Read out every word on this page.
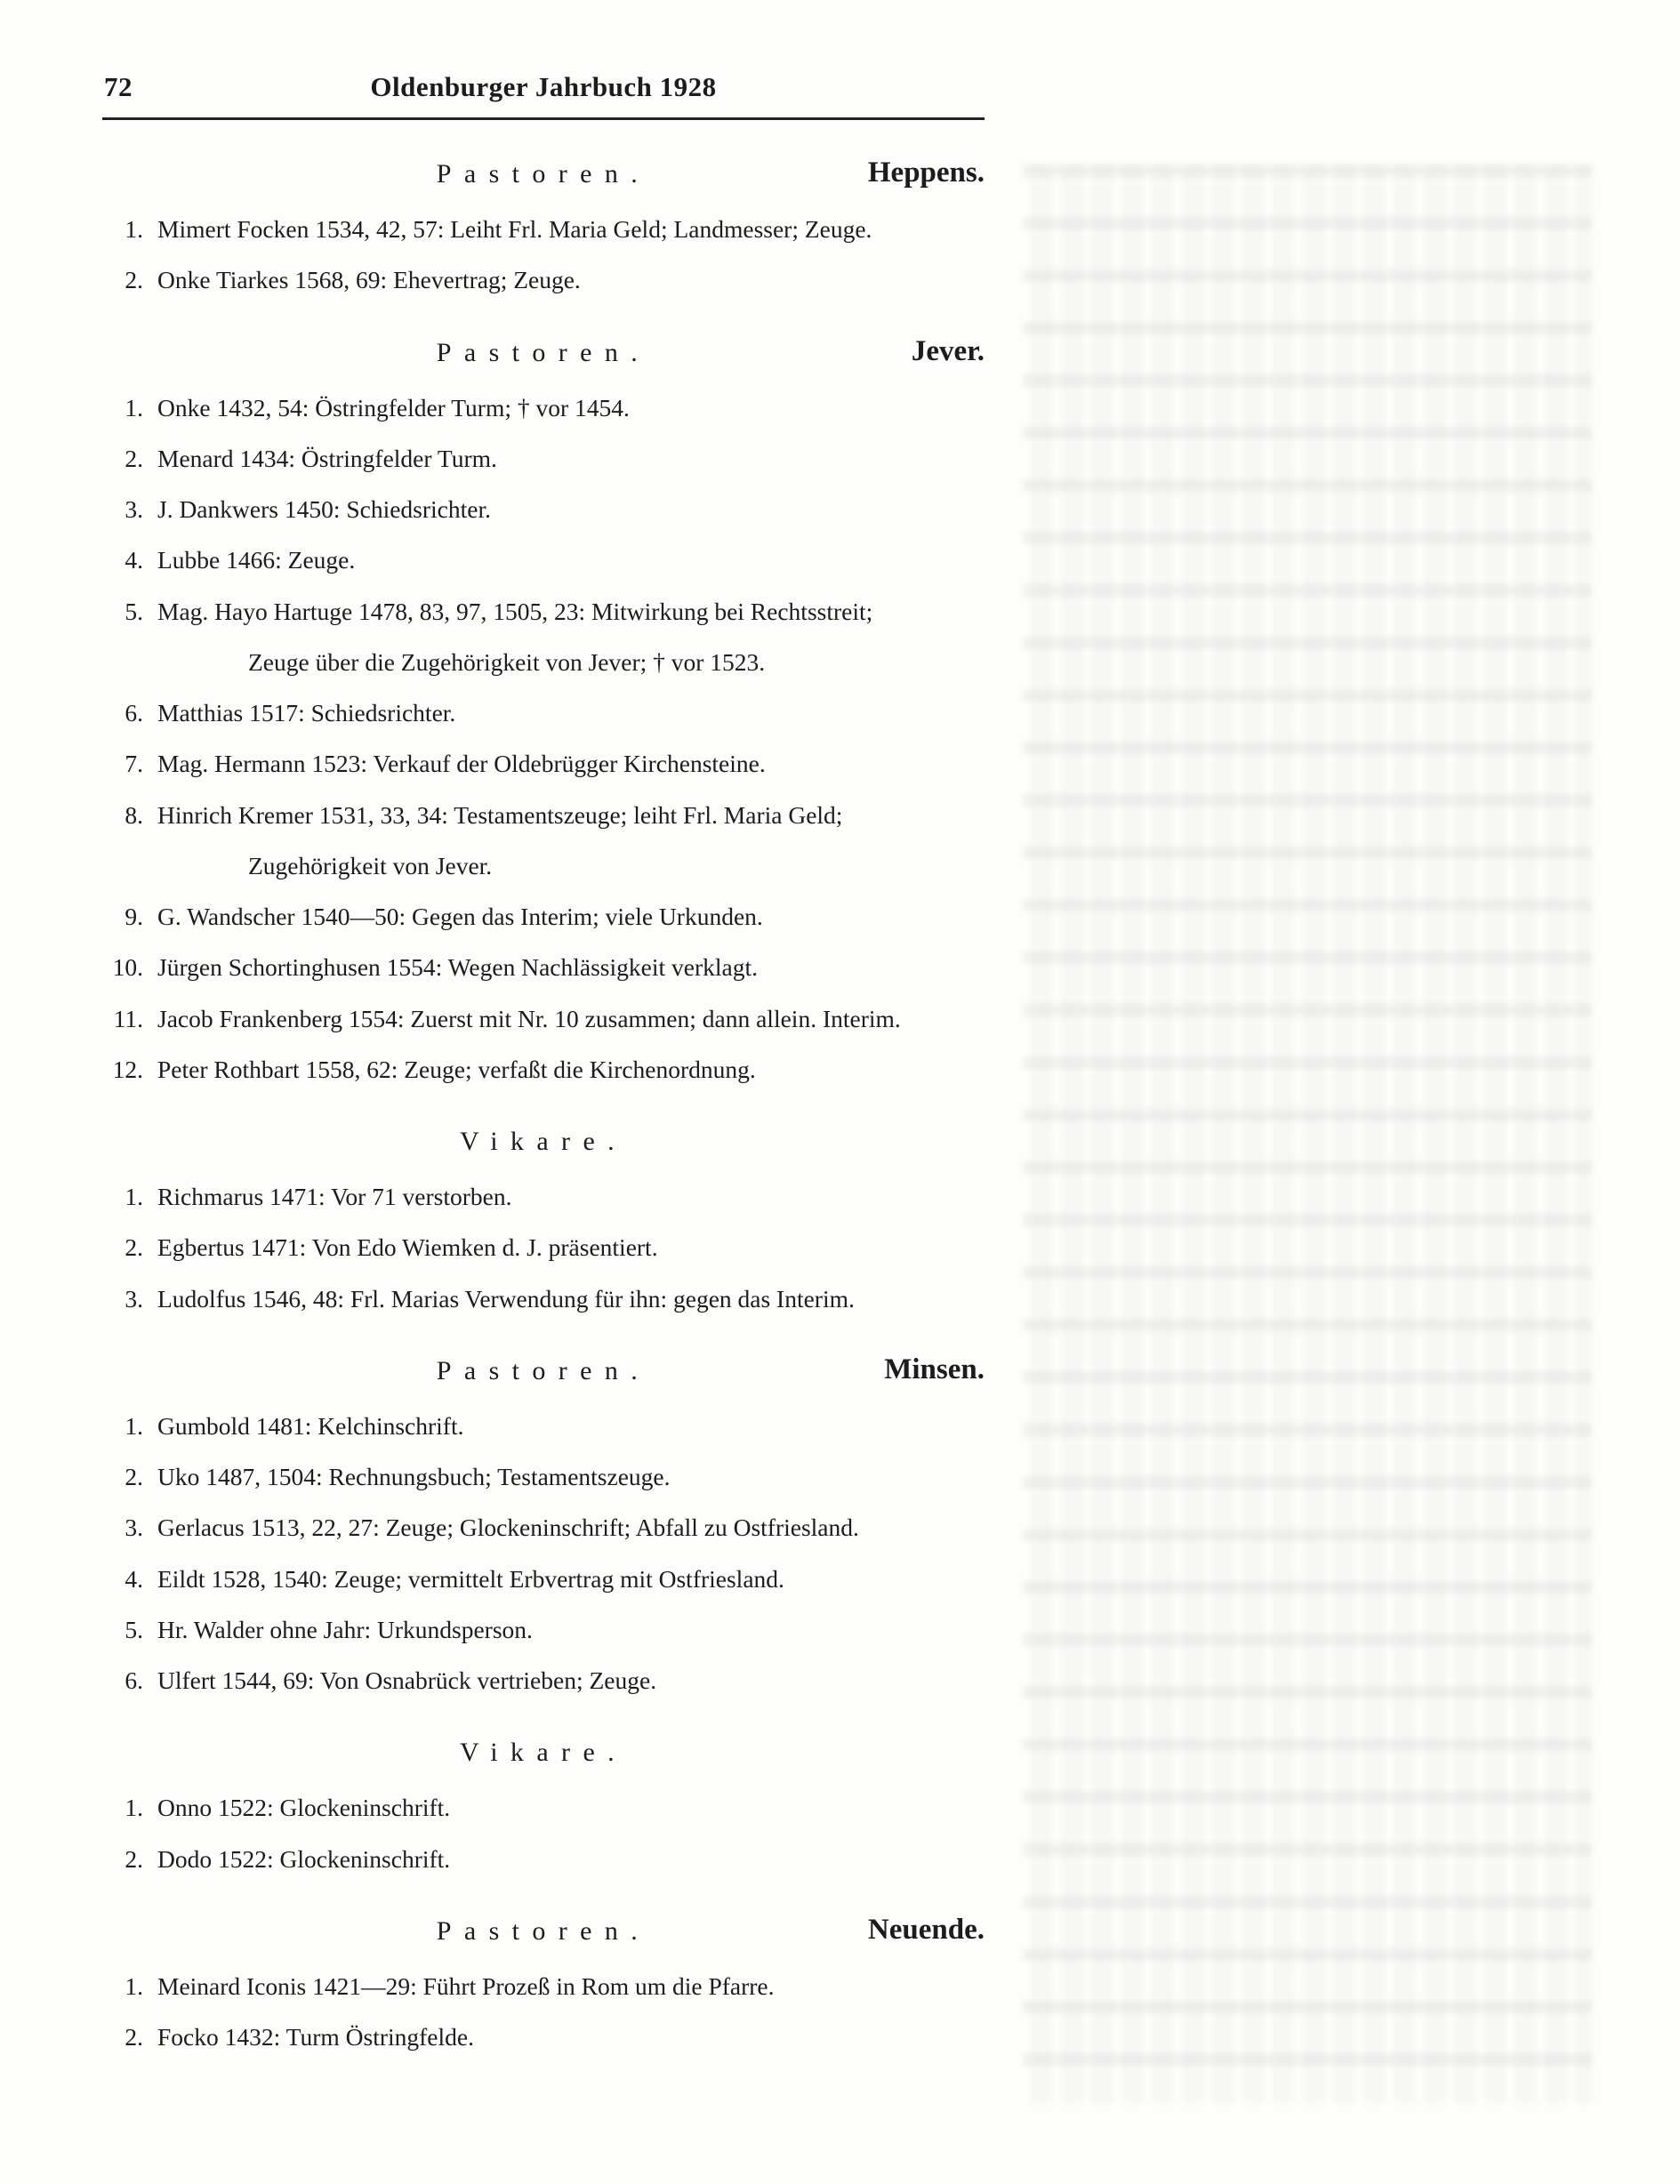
72	Oldenburger Jahrbuch 1928
Pastoren.	Heppens.
1. Mimert Focken 1534, 42, 57: Leiht Frl. Maria Geld; Landmesser; Zeuge.
2. Onke Tiarkes 1568, 69: Ehevertrag; Zeuge.
Pastoren.	Jever.
1. Onke 1432, 54: Östringfelder Turm; † vor 1454.
2. Menard 1434: Östringfelder Turm.
3. J. Dankwers 1450: Schiedsrichter.
4. Lubbe 1466: Zeuge.
5. Mag. Hayo Hartuge 1478, 83, 97, 1505, 23: Mitwirkung bei Rechtsstreit;
Zeuge über die Zugehörigkeit von Jever; † vor 1523.
6. Matthias 1517: Schiedsrichter.
7. Mag. Hermann 1523: Verkauf der Oldebrügger Kirchensteine.
8. Hinrich Kremer 1531, 33, 34: Testamentszeuge; leiht Frl. Maria Geld;
Zugehörigkeit von Jever.
9. G. Wandscher 1540—50: Gegen das Interim; viele Urkunden.
10. Jürgen Schortinghusen 1554: Wegen Nachlässigkeit verklagt.
11. Jacob Frankenberg 1554: Zuerst mit Nr. 10 zusammen; dann allein. Interim.
12. Peter Rothbart 1558, 62: Zeuge; verfaßt die Kirchenordnung.
Vikare.
1. Richmarus 1471: Vor 71 verstorben.
2. Egbertus 1471: Von Edo Wiemken d. J. präsentiert.
3. Ludolfus 1546, 48: Frl. Marias Verwendung für ihn: gegen das Interim.
Pastoren.	Minsen.
1. Gumbold 1481: Kelchinschrift.
2. Uko 1487, 1504: Rechnungsbuch; Testamentszeuge.
3. Gerlacus 1513, 22, 27: Zeuge; Glockeninschrift; Abfall zu Ostfriesland.
4. Eildt 1528, 1540: Zeuge; vermittelt Erbvertrag mit Ostfriesland.
5. Hr. Walder ohne Jahr: Urkundsperson.
6. Ulfert 1544, 69: Von Osnabrück vertrieben; Zeuge.
Vikare.
1. Onno 1522: Glockeninschrift.
2. Dodo 1522: Glockeninschrift.
Pastoren.	Neuende.
1. Meinard Iconis 1421—29: Führt Prozeß in Rom um die Pfarre.
2. Focko 1432: Turm Östringfelde.
